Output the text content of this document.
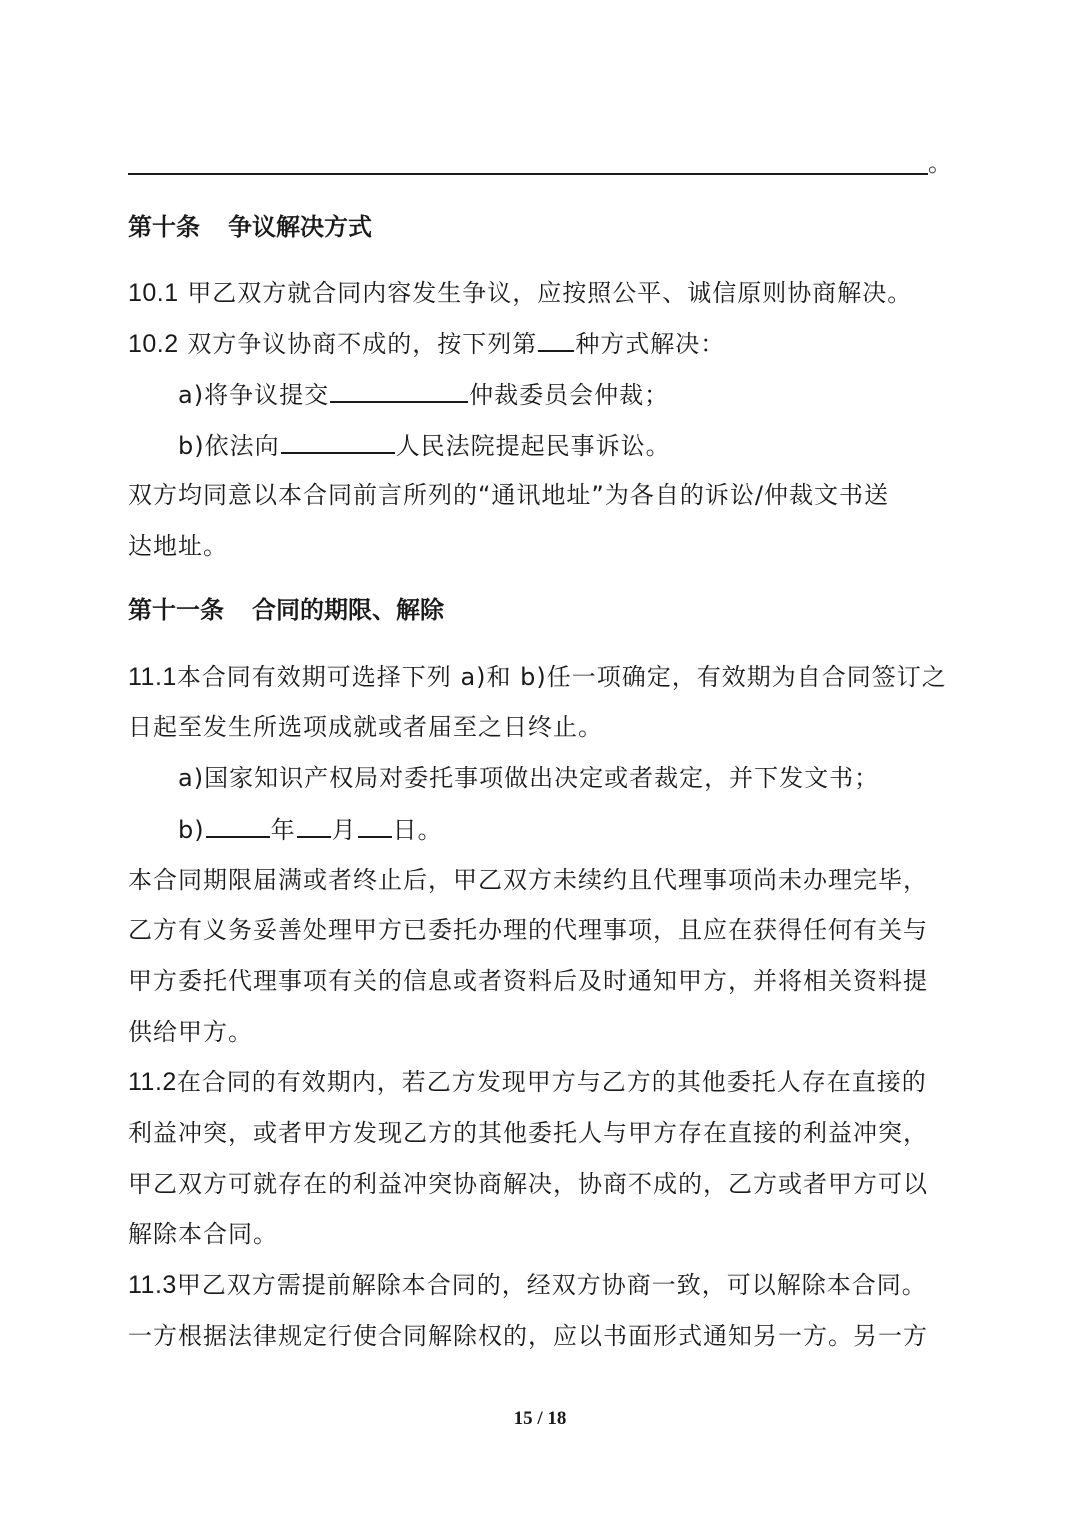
。
第十条 争议解决方式
10.1 甲乙双方就合同内容发生争议，应按照公平、诚信原则协商解决。
10.2 双方争议协商不成的，按下列第 种方式解决：
a)将争议提交	仲裁委员会仲裁；
b)依法向	人民法院提起民事诉讼。
双方均同意以本合同前言所列的“通讯地址”为各自的诉讼/仲裁文书送
达地址。
第十一条 合同的期限、解除
11.1本合同有效期可选择下列 a)和 b)任一项确定，有效期为自合同签订之
日起至发生所选项成就或者届至之日终止。
a)国家知识产权局对委托事项做出决定或者裁定，并下发文书；
b)	年 月 日。
本合同期限届满或者终止后，甲乙双方未续约且代理事项尚未办理完毕，
乙方有义务妥善处理甲方已委托办理的代理事项，且应在获得任何有关与
甲方委托代理事项有关的信息或者资料后及时通知甲方，并将相关资料提
供给甲方。
11.2在合同的有效期内，若乙方发现甲方与乙方的其他委托人存在直接的
利益冲突，或者甲方发现乙方的其他委托人与甲方存在直接的利益冲突，
甲乙双方可就存在的利益冲突协商解决，协商不成的，乙方或者甲方可以
解除本合同。
11.3甲乙双方需提前解除本合同的，经双方协商一致，可以解除本合同。
一方根据法律规定行使合同解除权的，应以书面形式通知另一方。另一方
15 / 18
